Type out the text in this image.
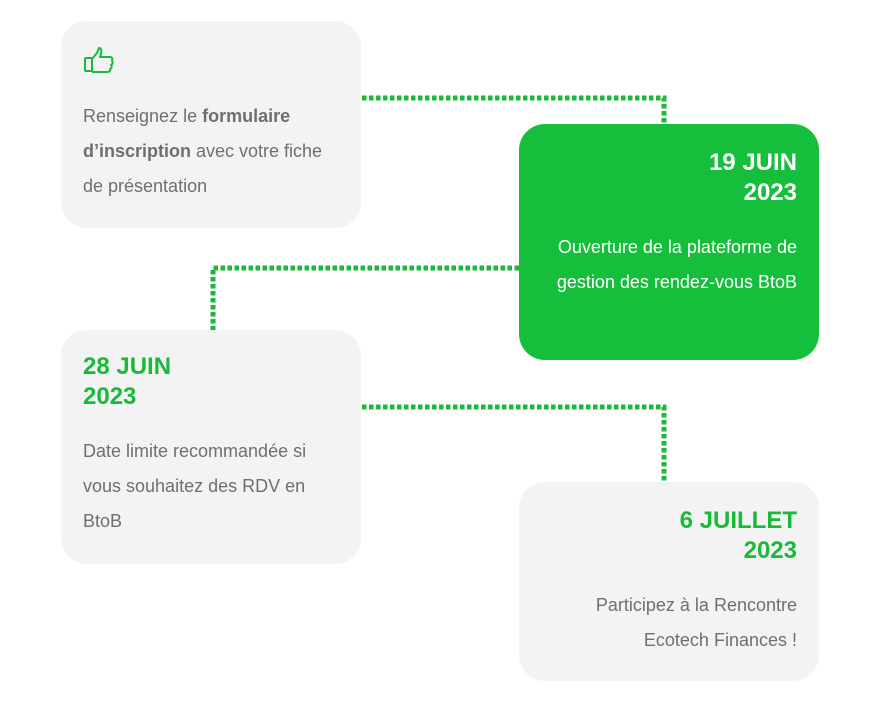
Renseignez le formulaire d’inscription avec votre fiche de présentation

19 JUIN
2023

Ouverture de la plateforme de gestion des rendez-vous BtoB

28 JUIN
2023

Date limite recommandée si vous souhaitez des RDV en BtoB	6 JUILLET
2023

Participez à la Rencontre Ecotech Finances !
